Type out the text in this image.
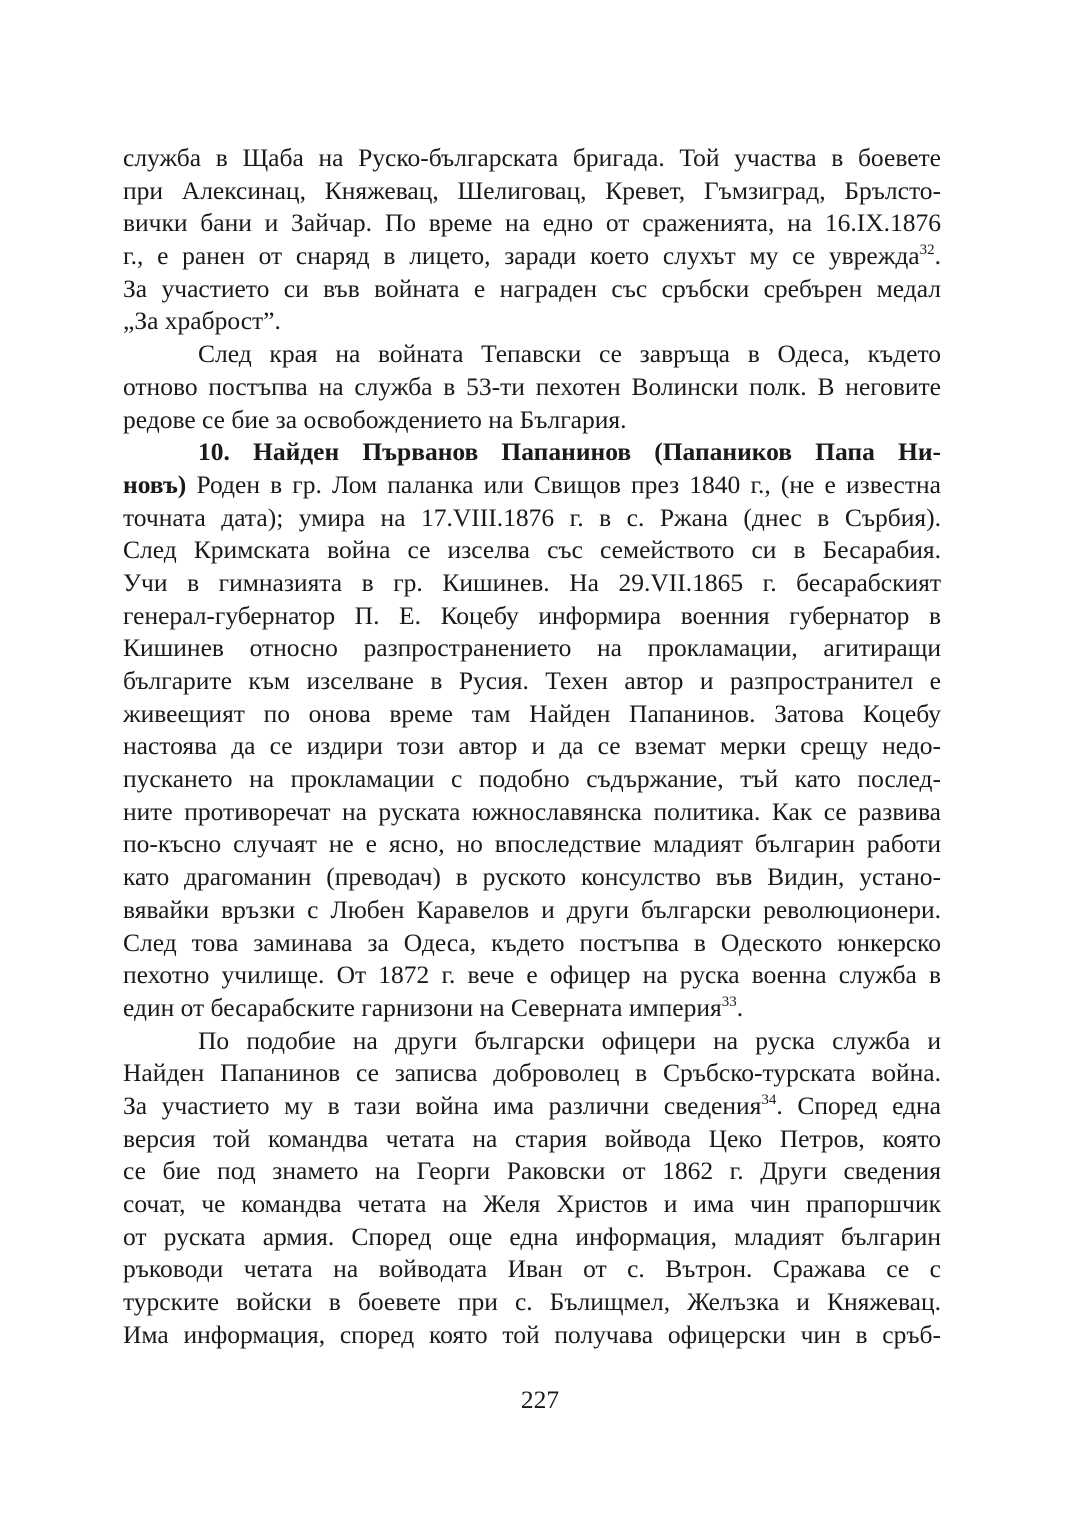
служба в Щаба на Руско-българската бригада. Той участва в боевете
при Алексинац, Княжевац, Шелиговац, Кревет, Гъмзиград, Брълсто-
вички бани и Зайчар. По време на едно от сраженията, на 16.IX.1876
г., е ранен от снаряд в лицето, заради което слухът му се уврежда$^{32}$.
За участието си във войната е награден със сръбски сребърен медал
„За храброст”.
След края на войната Тепавски се завръща в Одеса, където
отново постъпва на служба в 53-ти пехотен Волински полк. В неговите
редове се бие за освобождението на България.
10. Найден Първанов Папанинов (Папаников Папа Ни-
новъ) Роден в гр. Лом паланка или Свищов през 1840 г., (не е известна
точната дата); умира на 17.VIII.1876 г. в с. Ржана (днес в Сърбия).
След Кримската война се изселва със семейството си в Бесарабия.
Учи в гимназията в гр. Кишинев. На 29.VII.1865 г. бесарабският
генерал-губернатор П. Е. Коцебу информира военния губернатор в
Кишинев относно разпространението на прокламации, агитиращи
българите към изселване в Русия. Техен автор и разпространител е
живеещият по онова време там Найден Папанинов. Затова Коцебу
настоява да се издири този автор и да се вземат мерки срещу недо-
пускането на прокламации с подобно съдържание, тъй като послед-
ните противоречат на руската южнославянска политика. Как се развива
по-късно случаят не е ясно, но впоследствие младият българин работи
като драгоманин (преводач) в руското консулство във Видин, устано-
вявайки връзки с Любен Каравелов и други български революционери.
След това заминава за Одеса, където постъпва в Одеското юнкерско
пехотно училище. От 1872 г. вече е офицер на руска военна служба в
един от бесарабските гарнизони на Северната империя$^{33}$.
По подобие на други български офицери на руска служба и
Найден Папанинов се записва доброволец в Сръбско-турската война.
За участието му в тази война има различни сведения$^{34}$. Според една
версия той командва четата на стария войвода Цеко Петров, която
се бие под знамето на Георги Раковски от 1862 г. Други сведения
сочат, че командва четата на Желя Христов и има чин прапоршчик
от руската армия. Според още една информация, младият българин
ръководи четата на войводата Иван от с. Вътрон. Сражава се с
турските войски в боевете при с. Бълищмел, Желъзка и Княжевац.
Има информация, според която той получава офицерски чин в сръб-
227
